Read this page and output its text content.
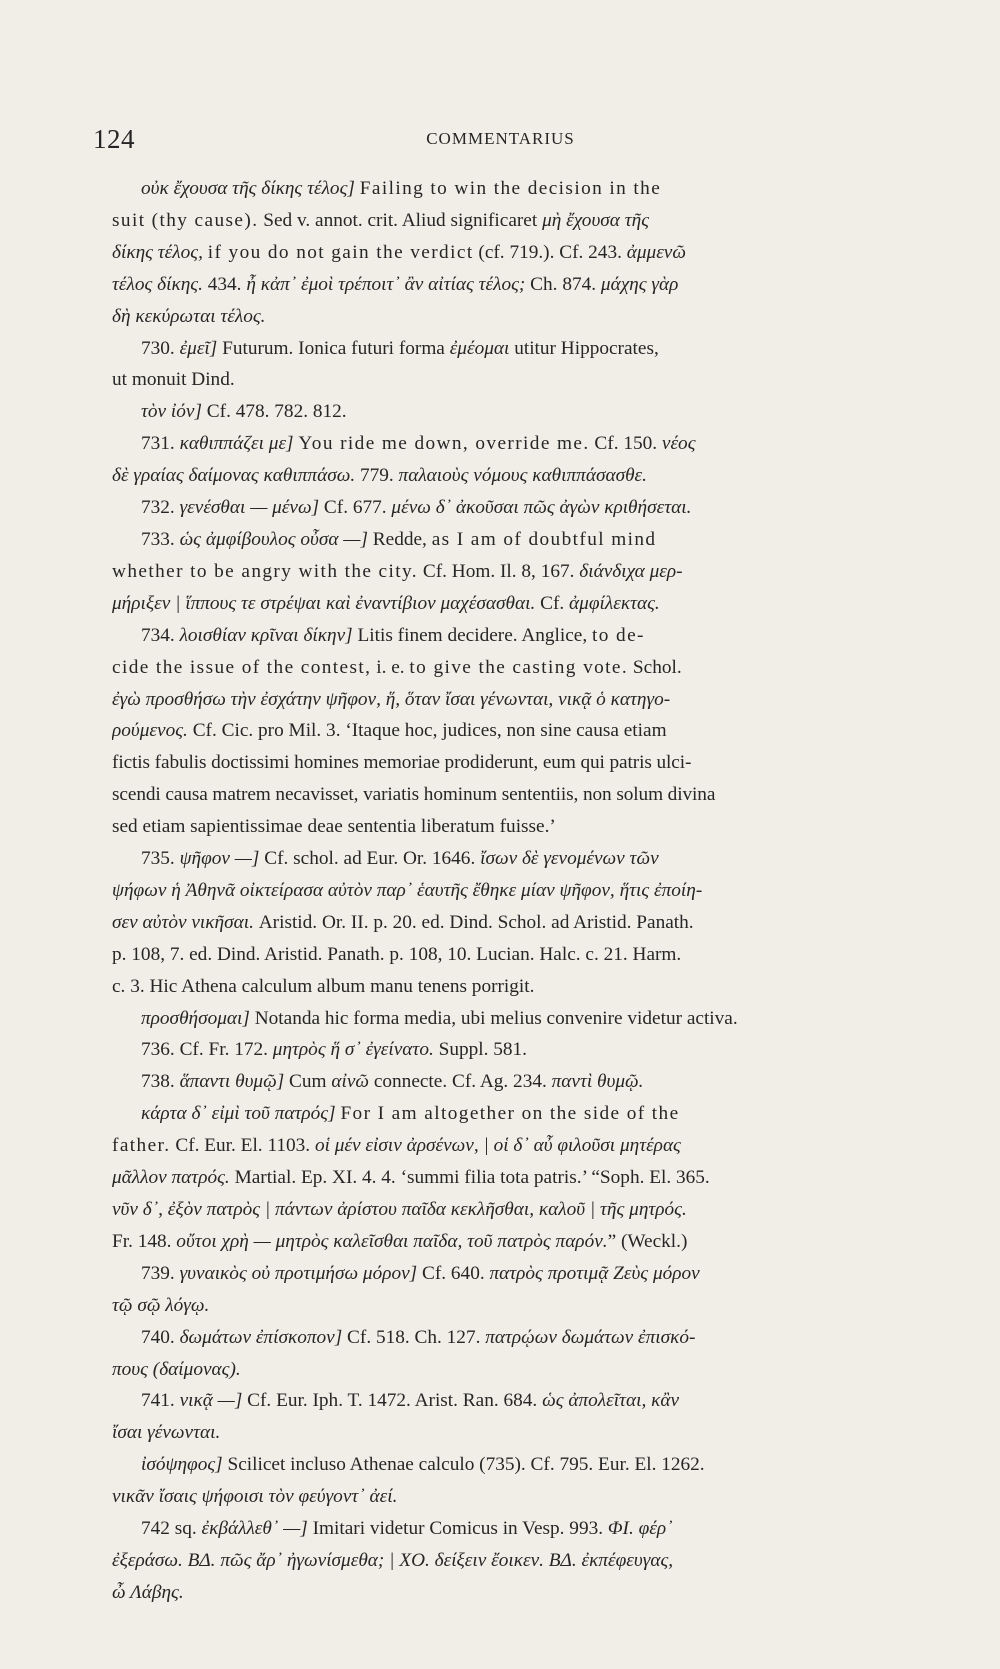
124	COMMENTARIUS
οὐκ ἔχουσα τῆς δίκης τέλος] Failing to win the decision in the
suit (thy cause). Sed v. annot. crit. Aliud significaret μὴ ἔχουσα τῆς
δίκης τέλος, if you do not gain the verdict (cf. 719.). Cf. 243. ἀμμενῶ
τέλος δίκης. 434. ἦ κἀπ᾽ ἐμοὶ τρέποιτ᾽ ἂν αἰτίας τέλος; Ch. 874. μάχης γὰρ
δὴ κεκύρωται τέλος.
730. ἐμεῖ] Futurum. Ionica futuri forma ἐμέομαι utitur Hippocrates,
ut monuit Dind.
τὸν ἰόν] Cf. 478. 782. 812.
731. καθιππάζει με] You ride me down, override me. Cf. 150. νέος
δὲ γραίας δαίμονας καθιππάσω. 779. παλαιοὺς νόμους καθιππάσασθε.
732. γενέσθαι — μένω] Cf. 677. μένω δ᾽ ἀκοῦσαι πῶς ἀγὼν κριθήσεται.
733. ὡς ἀμφίβουλος οὖσα —] Redde, as I am of doubtful mind
whether to be angry with the city. Cf. Hom. Il. 8, 167. διάνδιχα μερ-
μήριξεν | ἵππους τε στρέψαι καὶ ἐναντίβιον μαχέσασθαι. Cf. ἀμφίλεκτας.
734. λοισθίαν κρῖναι δίκην] Litis finem decidere. Anglice, to de-
cide the issue of the contest, i. e. to give the casting vote. Schol.
ἐγὼ προσθήσω τὴν ἐσχάτην ψῆφον, ἥ, ὅταν ἴσαι γένωνται, νικᾷ ὁ κατηγο-
ρούμενος. Cf. Cic. pro Mil. 3. ‘Itaque hoc, judices, non sine causa etiam
fictis fabulis doctissimi homines memoriae prodiderunt, eum qui patris ulci-
scendi causa matrem necavisset, variatis hominum sententiis, non solum divina
sed etiam sapientissimae deae sententia liberatum fuisse.’
735. ψῆφον —] Cf. schol. ad Eur. Or. 1646. ἴσων δὲ γενομένων τῶν
ψήφων ἡ Ἀθηνᾶ οἰκτείρασα αὐτὸν παρ᾽ ἑαυτῆς ἔθηκε μίαν ψῆφον, ἥτις ἐποίη-
σεν αὐτὸν νικῆσαι. Aristid. Or. II. p. 20. ed. Dind. Schol. ad Aristid. Panath.
p. 108, 7. ed. Dind. Aristid. Panath. p. 108, 10. Lucian. Halc. c. 21. Harm.
c. 3. Hic Athena calculum album manu tenens porrigit.
προσθήσομαι] Notanda hic forma media, ubi melius convenire videtur activa.
736. Cf. Fr. 172. μητρὸς ἥ σ᾽ ἐγείνατο. Suppl. 581.
738. ἅπαντι θυμῷ] Cum αἰνῶ connecte. Cf. Ag. 234. παντὶ θυμῷ.
κάρτα δ᾽ εἰμὶ τοῦ πατρός] For I am altogether on the side of the
father. Cf. Eur. El. 1103. οἱ μέν εἰσιν ἀρσένων, | οἱ δ᾽ αὖ φιλοῦσι μητέρας
μᾶλλον πατρός. Martial. Ep. XI. 4. 4. ‘summi filia tota patris.’ “Soph. El. 365.
νῦν δ᾽, ἐξὸν πατρὸς | πάντων ἀρίστου παῖδα κεκλῆσθαι, καλοῦ | τῆς μητρός.
Fr. 148. οὔτοι χρὴ — μητρὸς καλεῖσθαι παῖδα, τοῦ πατρὸς παρόν.” (Weckl.)
739. γυναικὸς οὐ προτιμήσω μόρον] Cf. 640. πατρὸς προτιμᾷ Ζεὺς μόρον
τῷ σῷ λόγῳ.
740. δωμάτων ἐπίσκοπον] Cf. 518. Ch. 127. πατρῴων δωμάτων ἐπισκό-
πους (δαίμονας).
741. νικᾷ —] Cf. Eur. Iph. T. 1472. Arist. Ran. 684. ὡς ἀπολεῖται, κἂν
ἴσαι γένωνται.
ἰσόψηφος] Scilicet incluso Athenae calculo (735). Cf. 795. Eur. El. 1262.
νικᾶν ἴσαις ψήφοισι τὸν φεύγοντ᾽ ἀεί.
742 sq. ἐκβάλλεθ᾽ —] Imitari videtur Comicus in Vesp. 993. ΦΙ. φέρ᾽
ἐξεράσω. ΒΔ. πῶς ἄρ᾽ ἠγωνίσμεθα; | ΧΟ. δείξειν ἔοικεν. ΒΔ. ἐκπέφευγας,
ὦ Λάβης.
